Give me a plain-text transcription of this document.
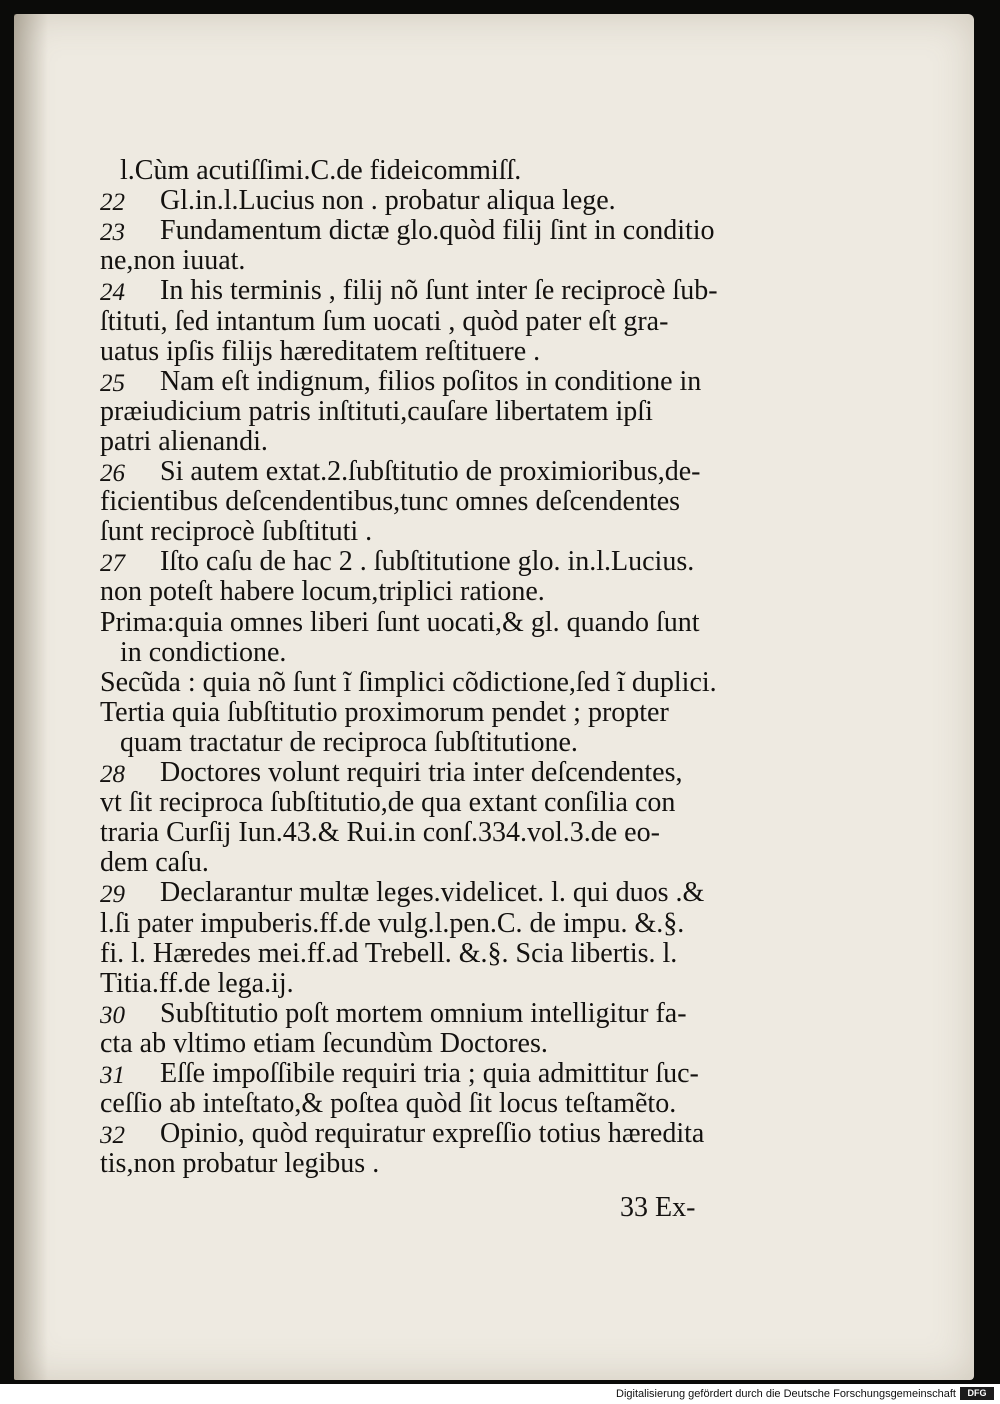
l.Cùm acutiſſimi.C.de fideicommiſſ.
22 Gl.in.l.Lucius non . probatur aliqua lege.
23 Fundamentum dictæ glo.quòd filij ſint in conditio
ne,non iuuat.
24 In his terminis , filij nõ ſunt inter ſe reciprocè ſub-
ſtituti, ſed intantum ſum uocati , quòd pater eſt gra-
uatus ipſis filijs hæreditatem reſtituere .
25 Nam eſt indignum, filios poſitos in conditione in
præiudicium patris inſtituti,cauſare libertatem ipſi
patri alienandi.
26 Si autem extat.2.ſubſtitutio de proximioribus,de-
ficientibus deſcendentibus,tunc omnes deſcendentes
ſunt reciprocè ſubſtituti .
27 Iſto caſu de hac 2 . ſubſtitutione glo. in.l.Lucius.
non poteſt habere locum,triplici ratione.
Prima:quia omnes liberi ſunt uocati,& gl. quando ſunt
in condictione.
Secũda : quia nõ ſunt ĩ ſimplici cõdictione,ſed ĩ duplici.
Tertia quia ſubſtitutio proximorum pendet ; propter
quam tractatur de reciproca ſubſtitutione.
28 Doctores volunt requiri tria inter deſcendentes,
vt ſit reciproca ſubſtitutio,de qua extant conſilia con
traria Curſij Iun.43.& Rui.in conſ.334.vol.3.de eo-
dem caſu.
29 Declarantur multæ leges.videlicet. l. qui duos .&
l.ſi pater impuberis.ff.de vulg.l.pen.C. de impu. &.§.
fi. l. Hæredes mei.ff.ad Trebell. &.§. Scia libertis. l.
Titia.ff.de lega.ij.
30 Subſtitutio poſt mortem omnium intelligitur fa-
cta ab vltimo etiam ſecundùm Doctores.
31 Eſſe impoſſibile requiri tria ; quia admittitur ſuc-
ceſſio ab inteſtato,& poſtea quòd ſit locus teſtamẽto.
32 Opinio, quòd requiratur expreſſio totius hæredita
tis,non probatur legibus .
33 Ex-
Digitalisierung gefördert durch die Deutsche Forschungsgemeinschaft	DFG
